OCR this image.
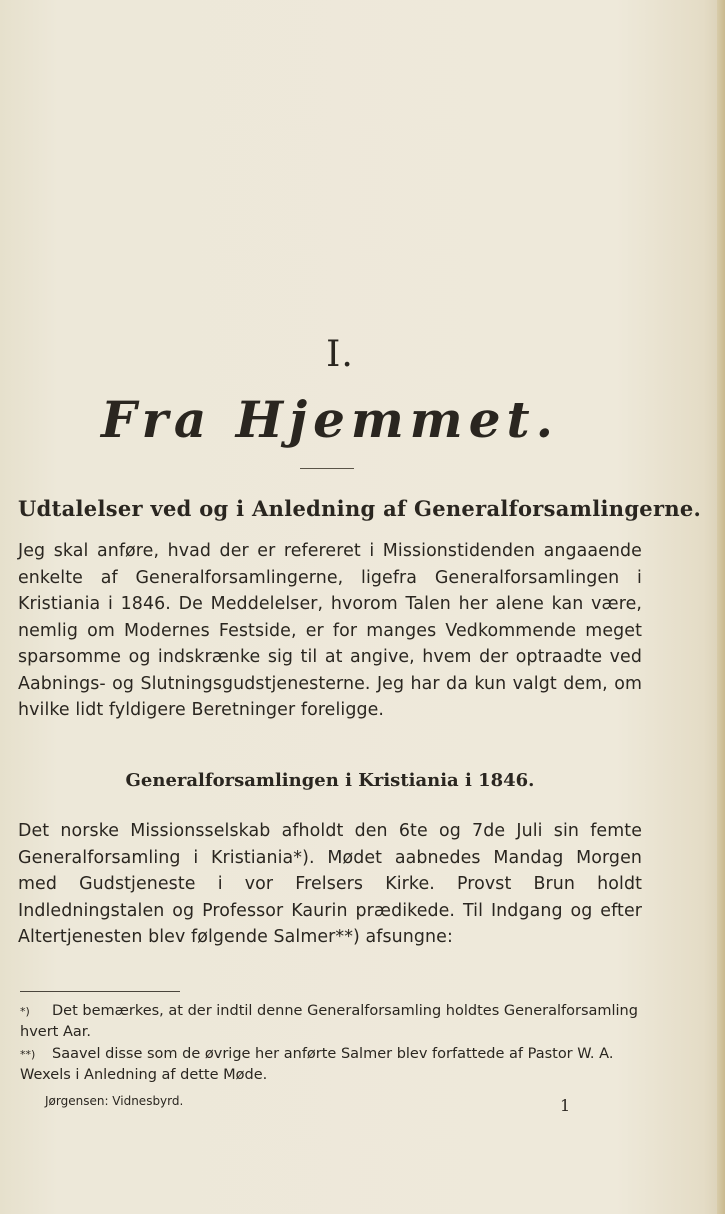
I.
Fra Hjemmet.
Udtalelser ved og i Anledning af Generalforsamlingerne.
Jeg skal anføre, hvad der er refereret i Missionstidenden angaaende enkelte af Generalforsamlingerne, ligefra Generalforsamlingen i Kristiania i 1846. De Meddelelser, hvorom Talen her alene kan være, nemlig om Modernes Festside, er for manges Vedkommende meget sparsomme og indskrænke sig til at angive, hvem der optraadte ved Aabnings- og Slutningsgudstjenesterne. Jeg har da kun valgt dem, om hvilke lidt fyldigere Beretninger foreligge.
Generalforsamlingen i Kristiania i 1846.
Det norske Missionsselskab afholdt den 6te og 7de Juli sin femte Generalforsamling i Kristiania*). Mødet aabnedes Mandag Morgen med Gudstjeneste i vor Frelsers Kirke. Provst Brun holdt Indledningstalen og Professor Kaurin prædikede. Til Indgang og efter Altertjenesten blev følgende Salmer**) afsungne:
*) Det bemærkes, at der indtil denne Generalforsamling holdtes Generalforsamling hvert Aar.
**) Saavel disse som de øvrige her anførte Salmer blev forfattede af Pastor W. A. Wexels i Anledning af dette Møde.
Jørgensen: Vidnesbyrd.	1
